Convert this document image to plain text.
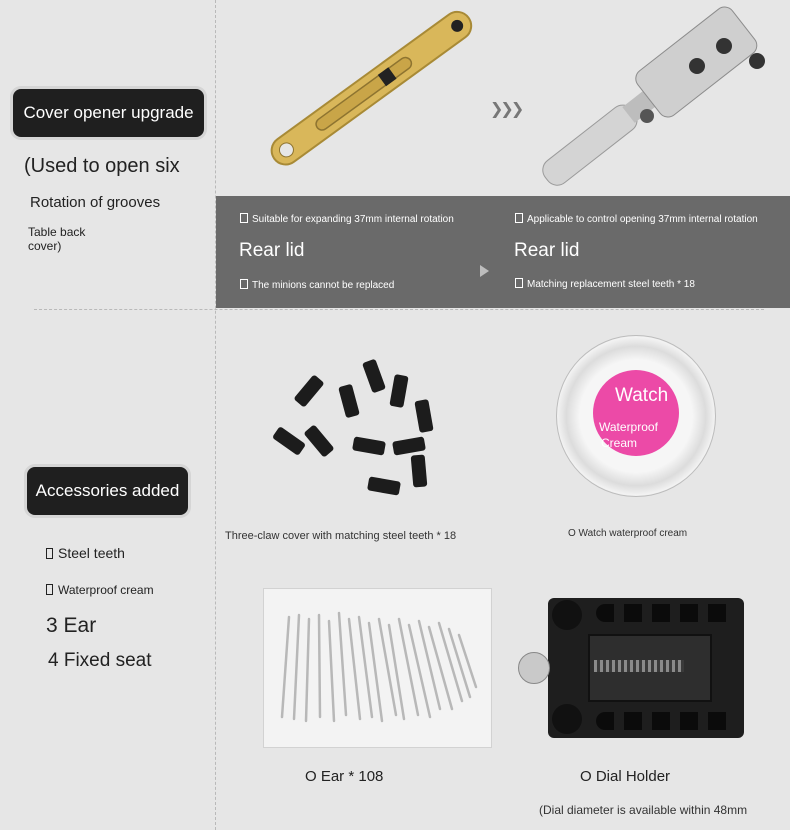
Cover opener upgrade
(Used to open six
Rotation of grooves
Table back
cover)
Accessories added
Steel teeth
Waterproof cream
3 Ear
4 Fixed seat
❯❯❯
Suitable for expanding 37mm internal rotation
Rear lid
The minions cannot be replaced
Applicable to control opening 37mm internal rotation
Rear lid
Matching replacement steel teeth * 18
Three-claw cover with matching steel teeth * 18
Watch
Waterproof
Cream
O Watch waterproof cream
O Ear * 108	O Dial Holder
(Dial diameter is available within 48mm
